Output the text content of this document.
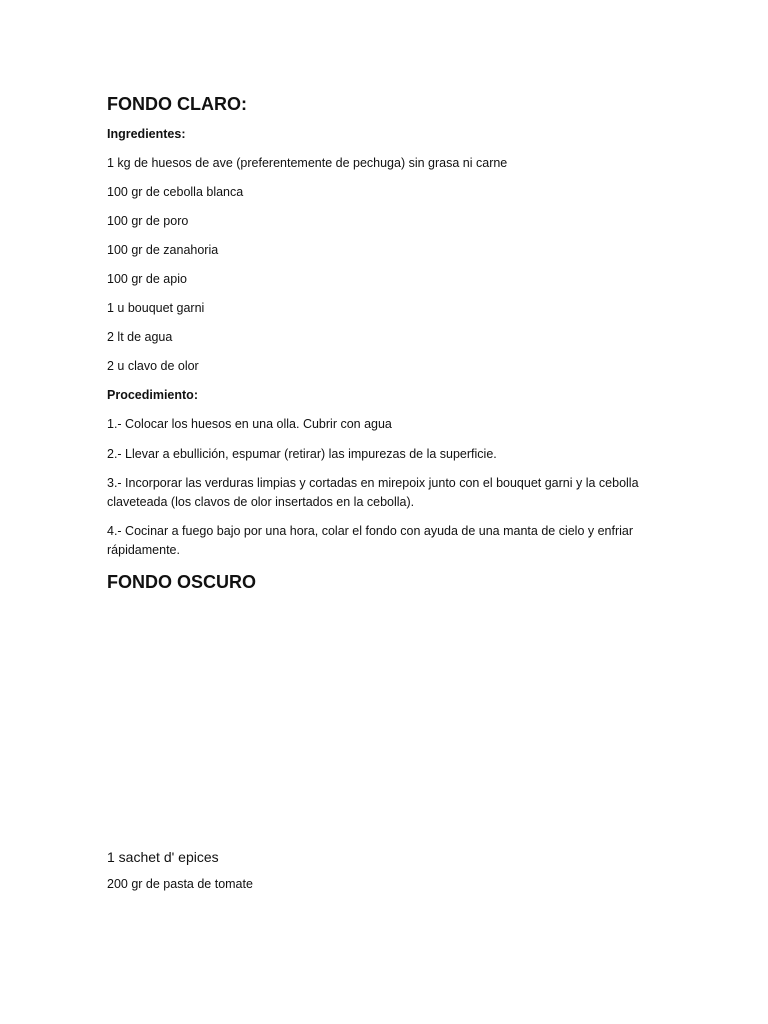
FONDO CLARO:
Ingredientes:
1 kg de huesos de ave (preferentemente de pechuga) sin grasa ni carne
100 gr de cebolla blanca
100 gr de poro
100 gr de zanahoria
100 gr de apio
1 u bouquet garni
2 lt de agua
2 u clavo de olor
Procedimiento:
1.- Colocar los huesos en una olla. Cubrir con agua
2.- Llevar a ebullición, espumar (retirar) las impurezas de la superficie.
3.- Incorporar las verduras limpias y cortadas en mirepoix junto con el bouquet garni y la cebolla claveteada (los clavos de olor insertados en la cebolla).
4.- Cocinar a fuego bajo por una hora, colar el fondo con ayuda de una manta de cielo y enfriar rápidamente.
FONDO OSCURO
1 sachet d' epices
200 gr de pasta de tomate
